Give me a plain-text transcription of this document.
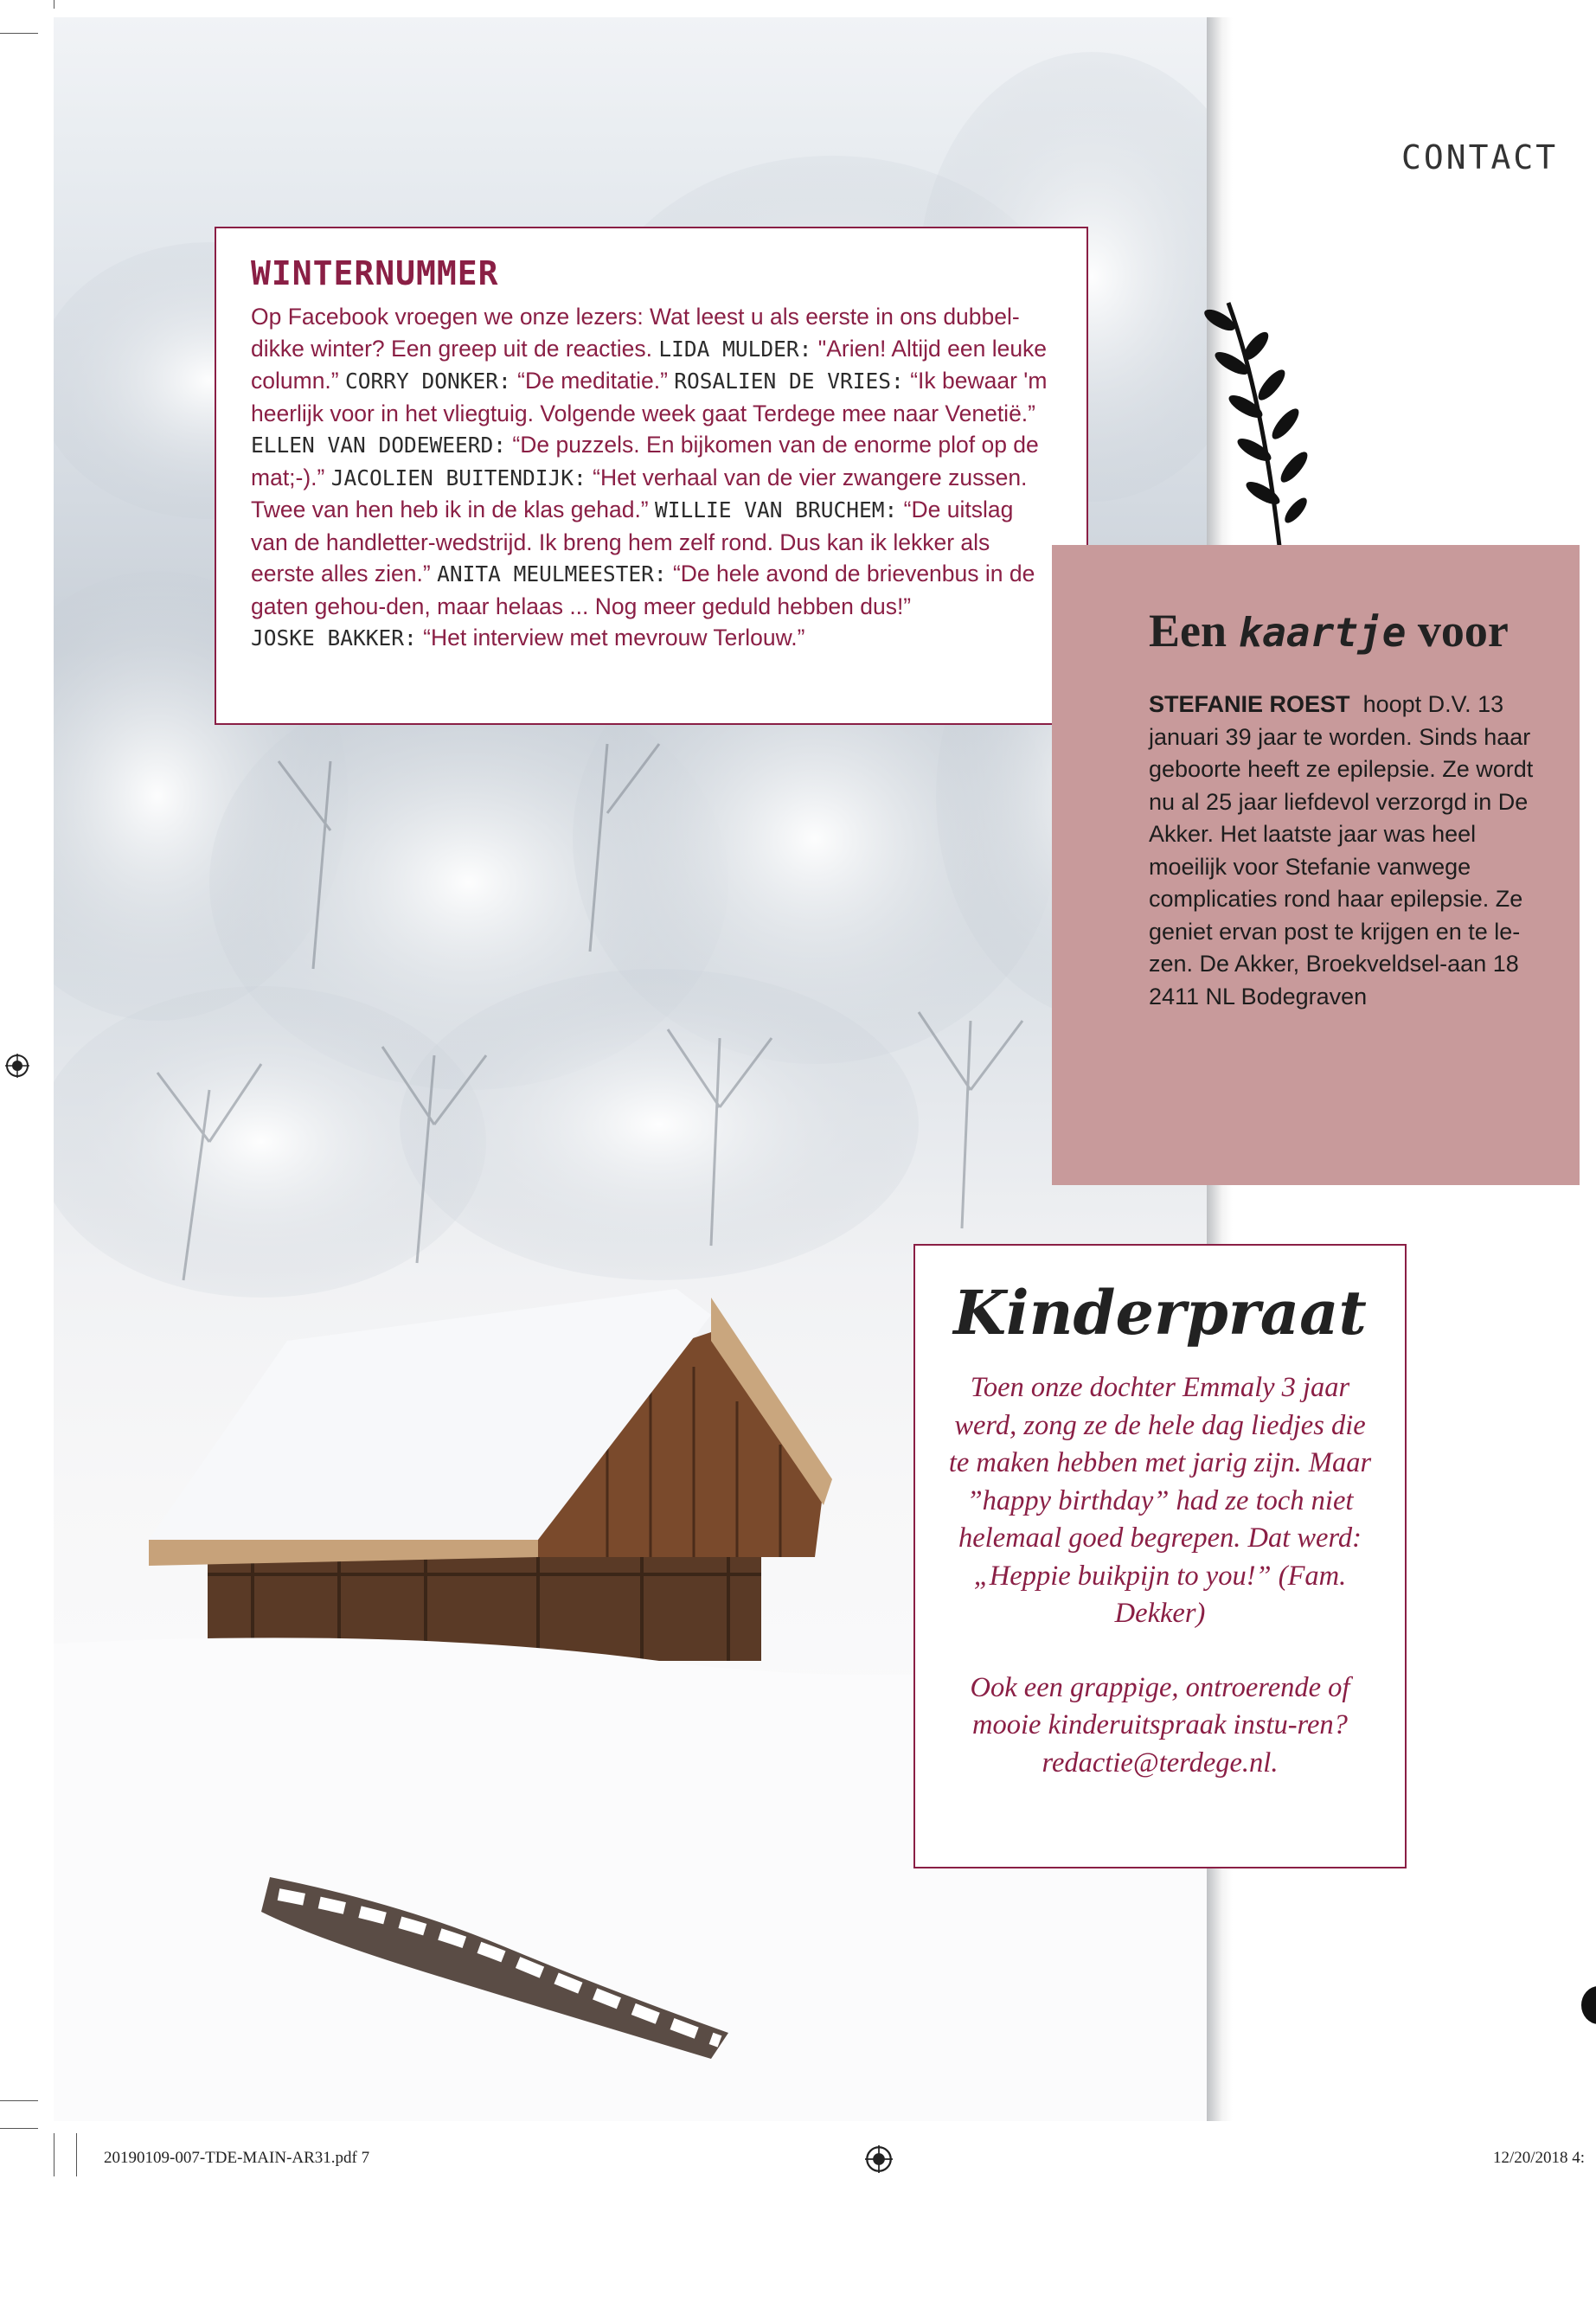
CONTACT
WINTERNUMMER

Op Facebook vroegen we onze lezers: Wat leest u als eerste in ons dubbel-dikke winter? Een greep uit de reacties. LIDA MULDER: "Arien! Altijd een leuke column.” CORRY DONKER: “De meditatie.” ROSALIEN DE VRIES: “Ik bewaar 'm heerlijk voor in het vliegtuig. Volgende week gaat Terdege mee naar Venetië.” ELLEN VAN DODEWEERD: “De puzzels. En bijkomen van de enorme plof op de mat;-).” JACOLIEN BUITENDIJK: “Het verhaal van de vier zwangere zussen. Twee van hen heb ik in de klas gehad.” WILLIE VAN BRUCHEM: “De uitslag van de handletter-wedstrijd. Ik breng hem zelf rond. Dus kan ik lekker als eerste alles zien.” ANITA MEULMEESTER: “De hele avond de brievenbus in de gaten gehou-den, maar helaas ... Nog meer geduld hebben dus!”
JOSKE BAKKER: “Het interview met mevrouw Terlouw.”	Een kaartje voor

STEFANIE ROEST hoopt D.V. 13 januari 39 jaar te worden. Sinds haar geboorte heeft ze epilepsie. Ze wordt nu al 25 jaar liefdevol verzorgd in De Akker. Het laatste jaar was heel moeilijk voor Stefanie vanwege complicaties rond haar epilepsie. Ze geniet ervan post te krijgen en te le-zen. De Akker, Broekveldsel-aan 18 2411 NL Bodegraven

Kinderpraat

Toen onze dochter Emmaly 3 jaar werd, zong ze de hele dag liedjes die te maken hebben met jarig zijn. Maar ”happy birthday” had ze toch niet helemaal goed begrepen. Dat werd: „Heppie buikpijn to you!” (Fam. Dekker)

Ook een grappige, ontroerende of mooie kinderuitspraak instu-ren? redactie@terdege.nl.

20190109-007-TDE-MAIN-AR31.pdf 7	12/20/2018 4:
